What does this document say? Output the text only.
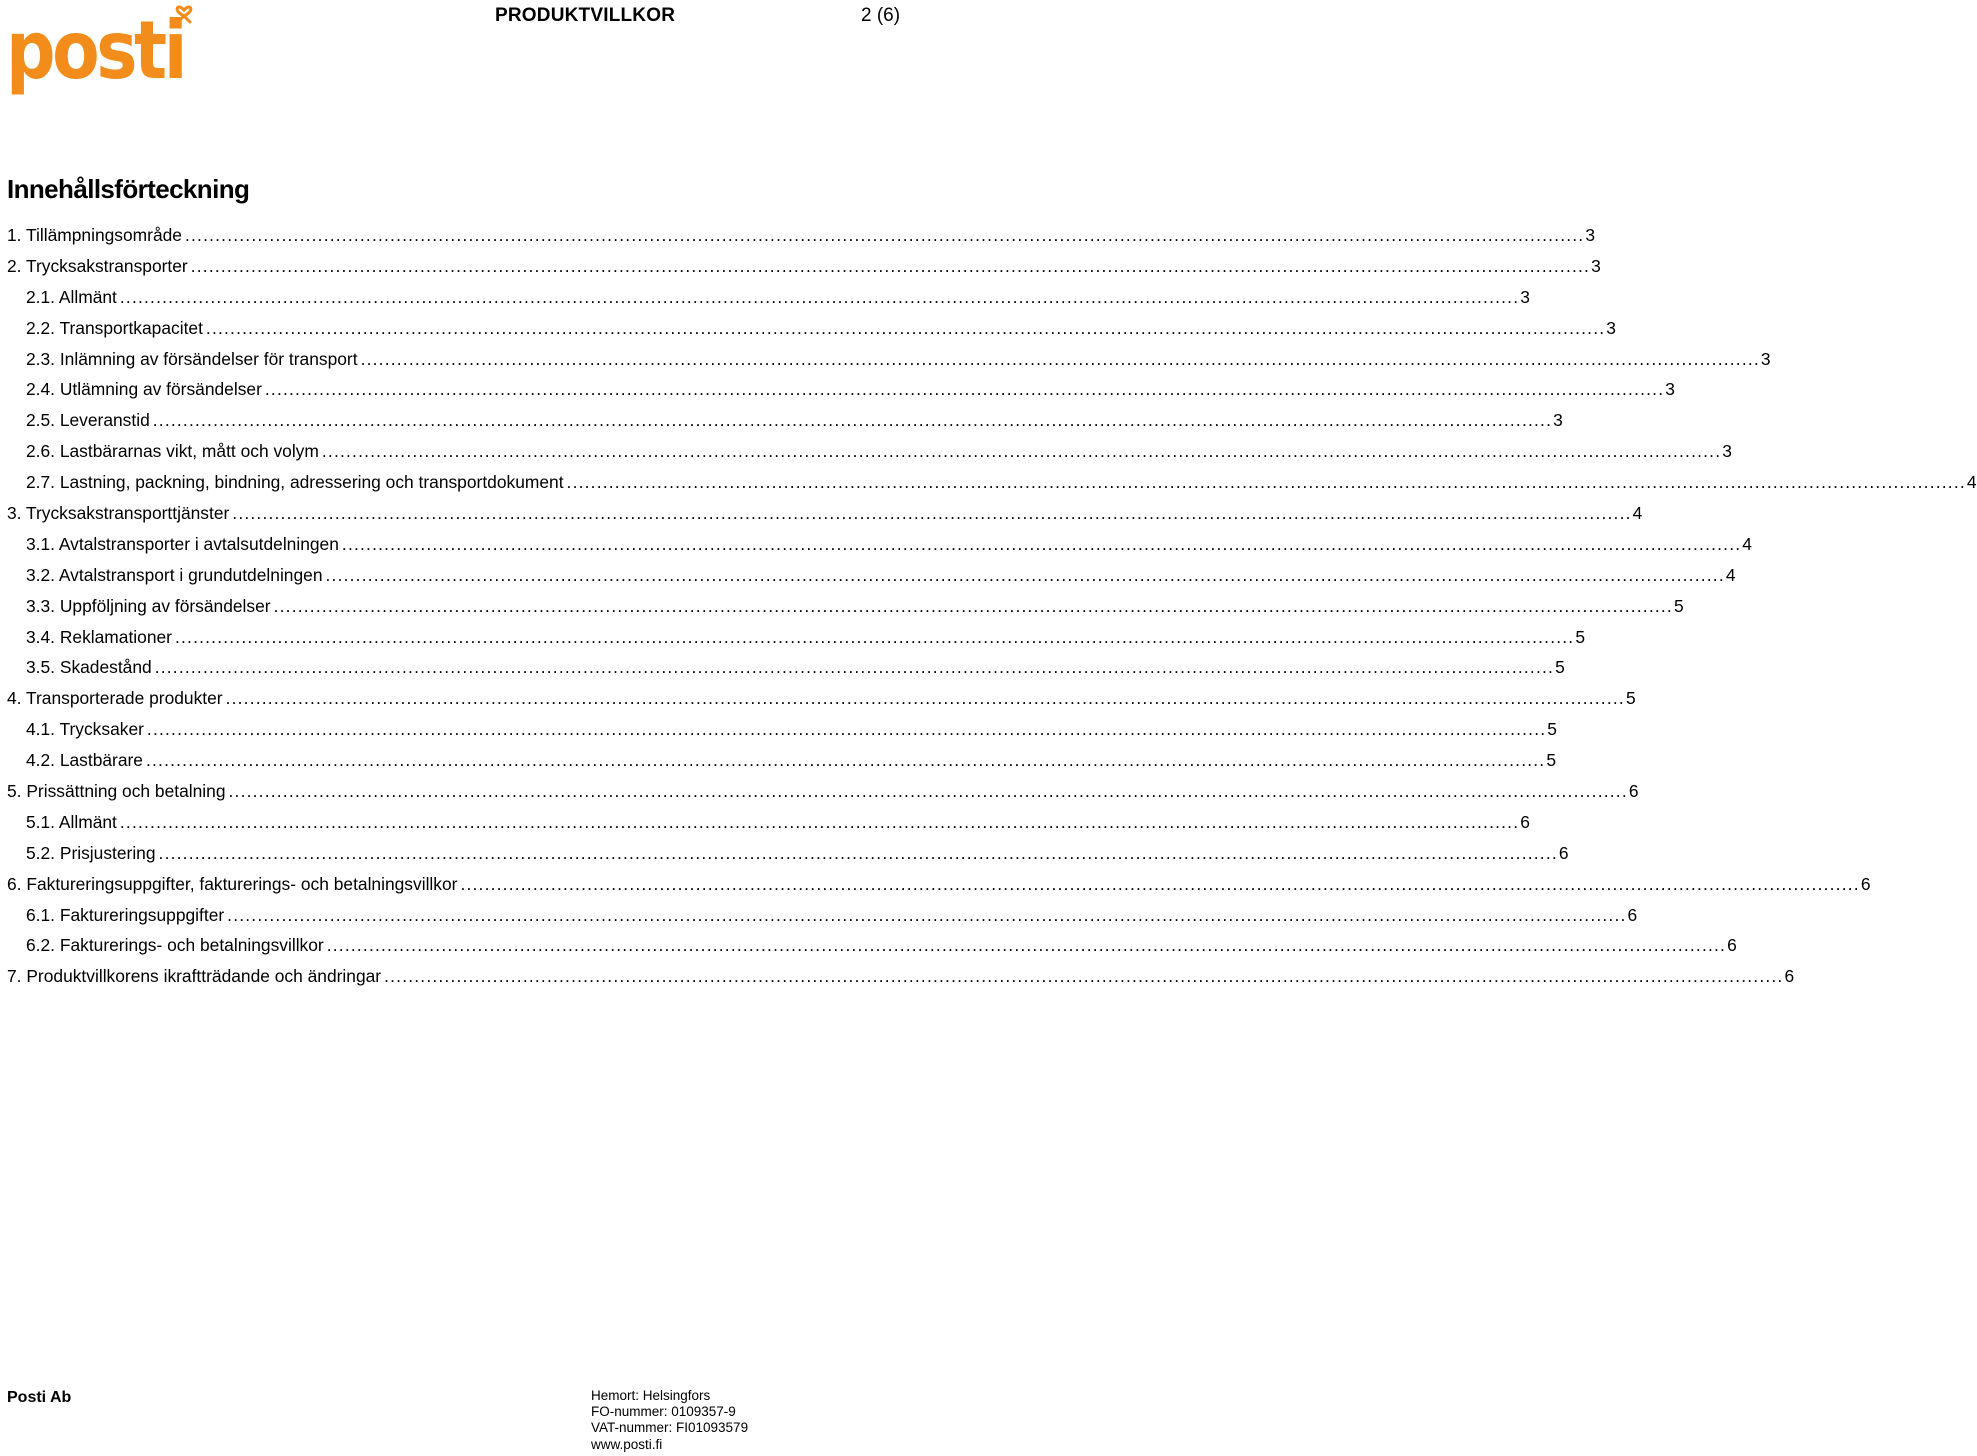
posti	PRODUKTVILLKOR	2 (6)
Innehållsförteckning
1. Tillämpningsområde .....	3
2. Trycksakstransporter .....	3
2.1. Allmänt .....	3
2.2. Transportkapacitet .....	3
2.3. Inlämning av försändelser för transport .....	3
2.4. Utlämning av försändelser .....	3
2.5. Leveranstid .....	3
2.6. Lastbärarnas vikt, mått och volym .....	3
2.7. Lastning, packning, bindning, adressering och transportdokument .....	4
3. Trycksakstransporttjänster .....	4
3.1. Avtalstransporter i avtalsutdelningen .....	4
3.2. Avtalstransport i grundutdelningen .....	4
3.3. Uppföljning av försändelser .....	5
3.4. Reklamationer .....	5
3.5. Skadestånd .....	5
4. Transporterade produkter .....	5
4.1. Trycksaker .....	5
4.2. Lastbärare .....	5
5. Prissättning och betalning .....	6
5.1. Allmänt .....	6
5.2. Prisjustering .....	6
6. Faktureringsuppgifter, fakturerings- och betalningsvillkor .....	6
6.1. Faktureringsuppgifter .....	6
6.2. Fakturerings- och betalningsvillkor .....	6
7. Produktvillkorens ikraftträdande och ändringar .....	6
Posti Ab	Hemort: Helsingfors
FO-nummer: 0109357-9
VAT-nummer: FI01093579
www.posti.fi
